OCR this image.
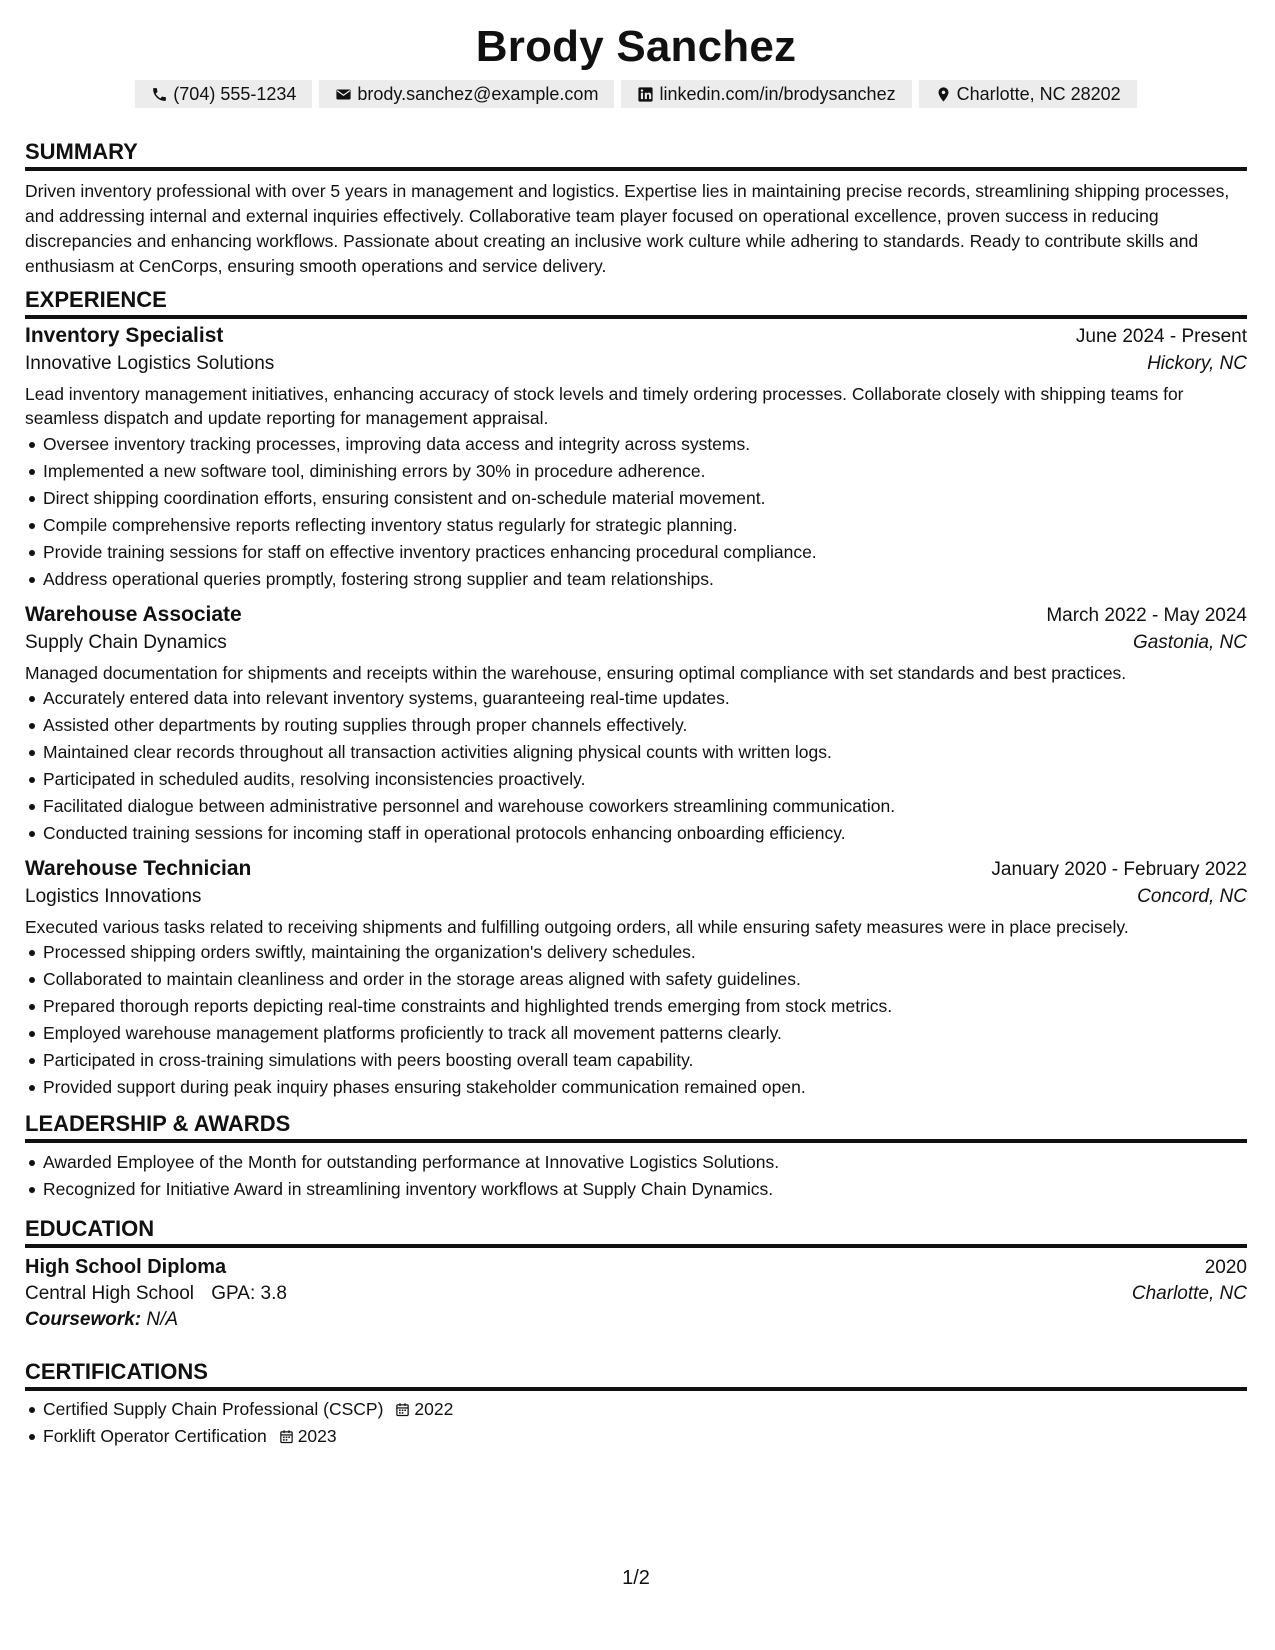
Brody Sanchez
(704) 555-1234	brody.sanchez@example.com	linkedin.com/in/brodysanchez	Charlotte, NC 28202
SUMMARY

Driven inventory professional with over 5 years in management and logistics. Expertise lies in maintaining precise records, streamlining shipping processes, and addressing internal and external inquiries effectively. Collaborative team player focused on operational excellence, proven success in reducing discrepancies and enhancing workflows. Passionate about creating an inclusive work culture while adhering to standards. Ready to contribute skills and enthusiasm at CenCorps, ensuring smooth operations and service delivery.

EXPERIENCE
Inventory Specialist	June 2024 - Present
Innovative Logistics Solutions	Hickory, NC

Lead inventory management initiatives, enhancing accuracy of stock levels and timely ordering processes. Collaborate closely with shipping teams for seamless dispatch and update reporting for management appraisal.

Oversee inventory tracking processes, improving data access and integrity across systems.
Implemented a new software tool, diminishing errors by 30% in procedure adherence.
Direct shipping coordination efforts, ensuring consistent and on-schedule material movement.
Compile comprehensive reports reflecting inventory status regularly for strategic planning.
Provide training sessions for staff on effective inventory practices enhancing procedural compliance.
Address operational queries promptly, fostering strong supplier and team relationships.
Warehouse Associate	March 2022 - May 2024
Supply Chain Dynamics	Gastonia, NC

Managed documentation for shipments and receipts within the warehouse, ensuring optimal compliance with set standards and best practices.

Accurately entered data into relevant inventory systems, guaranteeing real-time updates.
Assisted other departments by routing supplies through proper channels effectively.
Maintained clear records throughout all transaction activities aligning physical counts with written logs.
Participated in scheduled audits, resolving inconsistencies proactively.
Facilitated dialogue between administrative personnel and warehouse coworkers streamlining communication.
Conducted training sessions for incoming staff in operational protocols enhancing onboarding efficiency.
Warehouse Technician	January 2020 - February 2022
Logistics Innovations	Concord, NC

Executed various tasks related to receiving shipments and fulfilling outgoing orders, all while ensuring safety measures were in place precisely.

Processed shipping orders swiftly, maintaining the organization's delivery schedules.
Collaborated to maintain cleanliness and order in the storage areas aligned with safety guidelines.
Prepared thorough reports depicting real-time constraints and highlighted trends emerging from stock metrics.
Employed warehouse management platforms proficiently to track all movement patterns clearly.
Participated in cross-training simulations with peers boosting overall team capability.
Provided support during peak inquiry phases ensuring stakeholder communication remained open.
LEADERSHIP & AWARDS
Awarded Employee of the Month for outstanding performance at Innovative Logistics Solutions.
Recognized for Initiative Award in streamlining inventory workflows at Supply Chain Dynamics.
EDUCATION
High School Diploma	2020
Central High School GPA: 3.8	Charlotte, NC
Coursework: N/A
CERTIFICATIONS
Certified Supply Chain Professional (CSCP) 2022
Forklift Operator Certification 2023
1/2
